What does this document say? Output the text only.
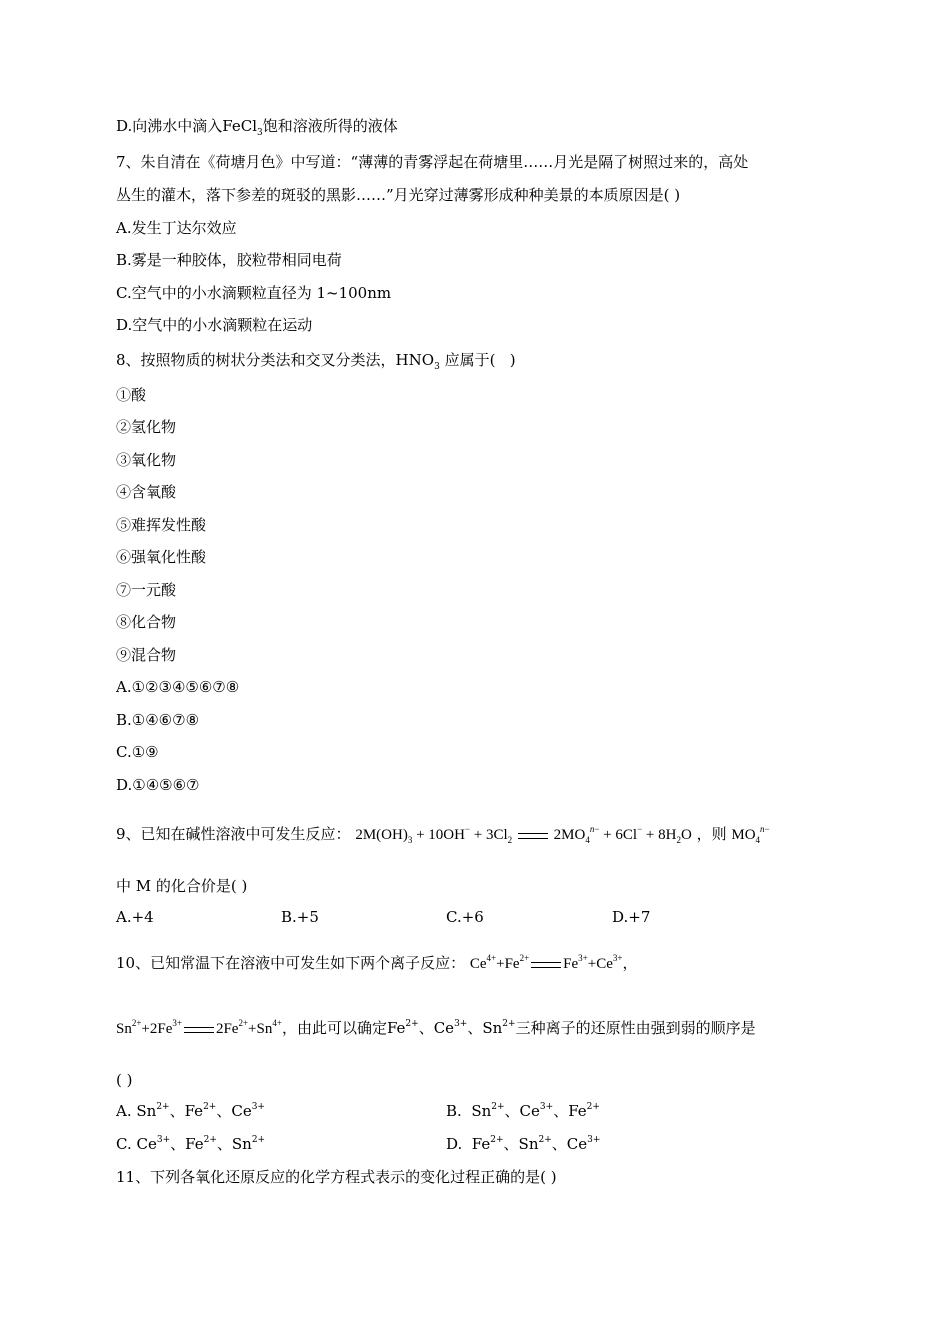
D.向沸水中滴入FeCl$_3$饱和溶液所得的液体
7、朱自清在《荷塘月色》中写道：“薄薄的青雾浮起在荷塘里……月光是隔了树照过来的，高处
丛生的灌木，落下参差的斑驳的黑影……”月光穿过薄雾形成种种美景的本质原因是( )
A.发生丁达尔效应
B.雾是一种胶体，胶粒带相同电荷
C.空气中的小水滴颗粒直径为 1~100nm
D.空气中的小水滴颗粒在运动
8、按照物质的树状分类法和交叉分类法，$HNO_3$ 应属于(   )
①酸
②氢化物
③氧化物
④含氧酸
⑤难挥发性酸
⑥强氧化性酸
⑦一元酸
⑧化合物
⑨混合物
A.①②③④⑤⑥⑦⑧
B.①④⑥⑦⑧
C.①⑨
D.①④⑤⑥⑦
9、已知在碱性溶液中可发生反应： $2M(OH)_3 + 10OH^- + 3Cl_2$	$2MO_4^{n-} + 6Cl^- + 8H_2O$ ，则 $MO_4^{n-}$
中 M 的化合价是( )
A.+4	B.+5	C.+6	D.+7
10、已知常温下在溶液中可发生如下两个离子反应： $Ce^{4+}+Fe^{2+}$ $Fe^{3+}+Ce^{3+}$，
$Sn^{2+}+2Fe^{3+}$ $2Fe^{2+}+Sn^{4+}$，由此可以确定$Fe^{2+}$、$Ce^{3+}$、$Sn^{2+}$三种离子的还原性由强到弱的顺序是
( )
A. $Sn^{2+}$、$Fe^{2+}$、$Ce^{3+}$	B.  $Sn^{2+}$、$Ce^{3+}$、$Fe^{2+}$
C. $Ce^{3+}$、$Fe^{2+}$、$Sn^{2+}$	D.  $Fe^{2+}$、$Sn^{2+}$、$Ce^{3+}$
11、下列各氧化还原反应的化学方程式表示的变化过程正确的是( )
